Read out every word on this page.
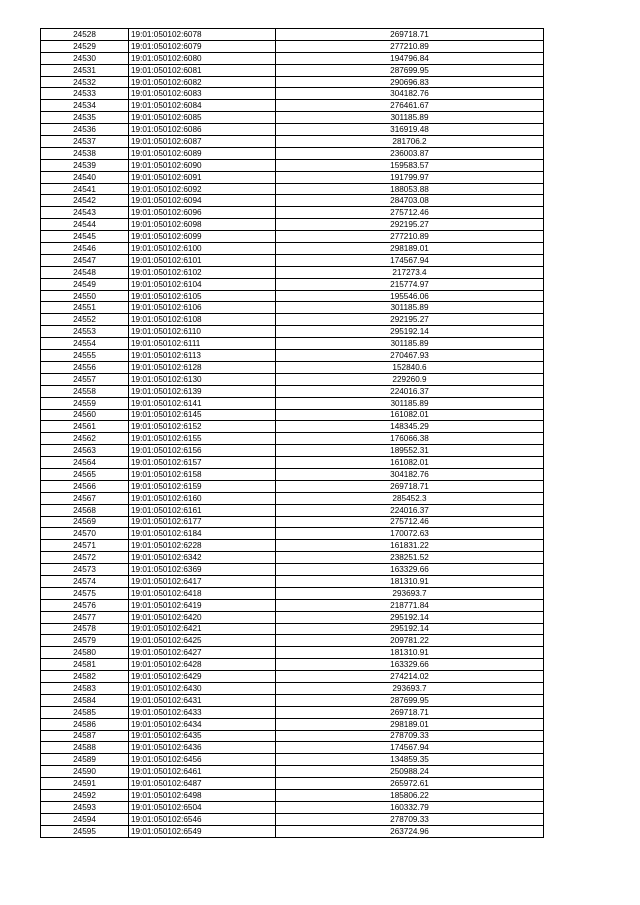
24528	19:01:050102:6078	269718.71
24529	19:01:050102:6079	277210.89
24530	19:01:050102:6080	194796.84
24531	19:01:050102:6081	287699.95
24532	19:01:050102:6082	290696.83
24533	19:01:050102:6083	304182.76
24534	19:01:050102:6084	276461.67
24535	19:01:050102:6085	301185.89
24536	19:01:050102:6086	316919.48
24537	19:01:050102:6087	281706.2
24538	19:01:050102:6089	236003.87
24539	19:01:050102:6090	159583.57
24540	19:01:050102:6091	191799.97
24541	19:01:050102:6092	188053.88
24542	19:01:050102:6094	284703.08
24543	19:01:050102:6096	275712.46
24544	19:01:050102:6098	292195.27
24545	19:01:050102:6099	277210.89
24546	19:01:050102:6100	298189.01
24547	19:01:050102:6101	174567.94
24548	19:01:050102:6102	217273.4
24549	19:01:050102:6104	215774.97
24550	19:01:050102:6105	195546.06
24551	19:01:050102:6106	301185.89
24552	19:01:050102:6108	292195.27
24553	19:01:050102:6110	295192.14
24554	19:01:050102:6111	301185.89
24555	19:01:050102:6113	270467.93
24556	19:01:050102:6128	152840.6
24557	19:01:050102:6130	229260.9
24558	19:01:050102:6139	224016.37
24559	19:01:050102:6141	301185.89
24560	19:01:050102:6145	161082.01
24561	19:01:050102:6152	148345.29
24562	19:01:050102:6155	176066.38
24563	19:01:050102:6156	189552.31
24564	19:01:050102:6157	161082.01
24565	19:01:050102:6158	304182.76
24566	19:01:050102:6159	269718.71
24567	19:01:050102:6160	285452.3
24568	19:01:050102:6161	224016.37
24569	19:01:050102:6177	275712.46
24570	19:01:050102:6184	170072.63
24571	19:01:050102:6228	161831.22
24572	19:01:050102:6342	238251.52
24573	19:01:050102:6369	163329.66
24574	19:01:050102:6417	181310.91
24575	19:01:050102:6418	293693.7
24576	19:01:050102:6419	218771.84
24577	19:01:050102:6420	295192.14
24578	19:01:050102:6421	295192.14
24579	19:01:050102:6425	209781.22
24580	19:01:050102:6427	181310.91
24581	19:01:050102:6428	163329.66
24582	19:01:050102:6429	274214.02
24583	19:01:050102:6430	293693.7
24584	19:01:050102:6431	287699.95
24585	19:01:050102:6433	269718.71
24586	19:01:050102:6434	298189.01
24587	19:01:050102:6435	278709.33
24588	19:01:050102:6436	174567.94
24589	19:01:050102:6456	134859.35
24590	19:01:050102:6461	250988.24
24591	19:01:050102:6487	265972.61
24592	19:01:050102:6498	185806.22
24593	19:01:050102:6504	160332.79
24594	19:01:050102:6546	278709.33
24595	19:01:050102:6549	263724.96
